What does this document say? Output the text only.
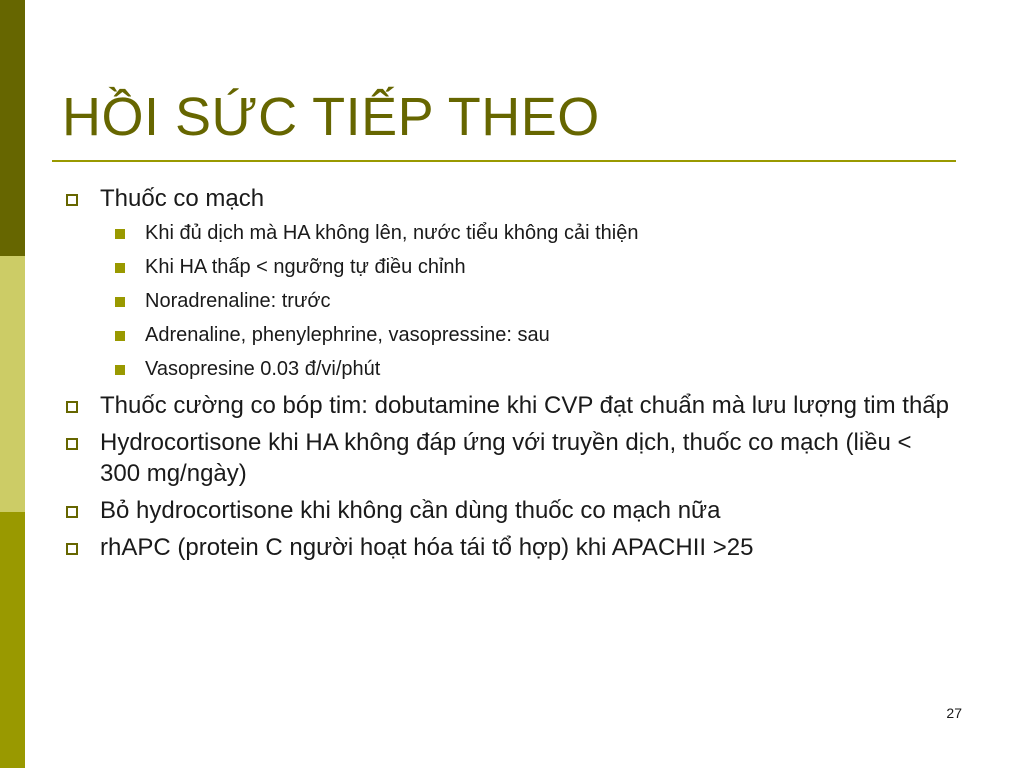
HỒI SỨC TIẾP THEO
Thuốc co mạch
Khi đủ dịch mà HA không lên, nước tiểu không cải thiện
Khi HA thấp < ngưỡng tự điều chỉnh
Noradrenaline: trước
Adrenaline, phenylephrine, vasopressine: sau
Vasopresine 0.03 đ/vi/phút
Thuốc cường co bóp tim: dobutamine khi CVP đạt chuẩn mà lưu lượng tim thấp
Hydrocortisone khi HA không đáp ứng với truyền dịch, thuốc co mạch (liều < 300 mg/ngày)
Bỏ hydrocortisone khi không cần dùng thuốc co mạch nữa
rhAPC (protein C người hoạt hóa tái tổ hợp) khi APACHII >25
27
